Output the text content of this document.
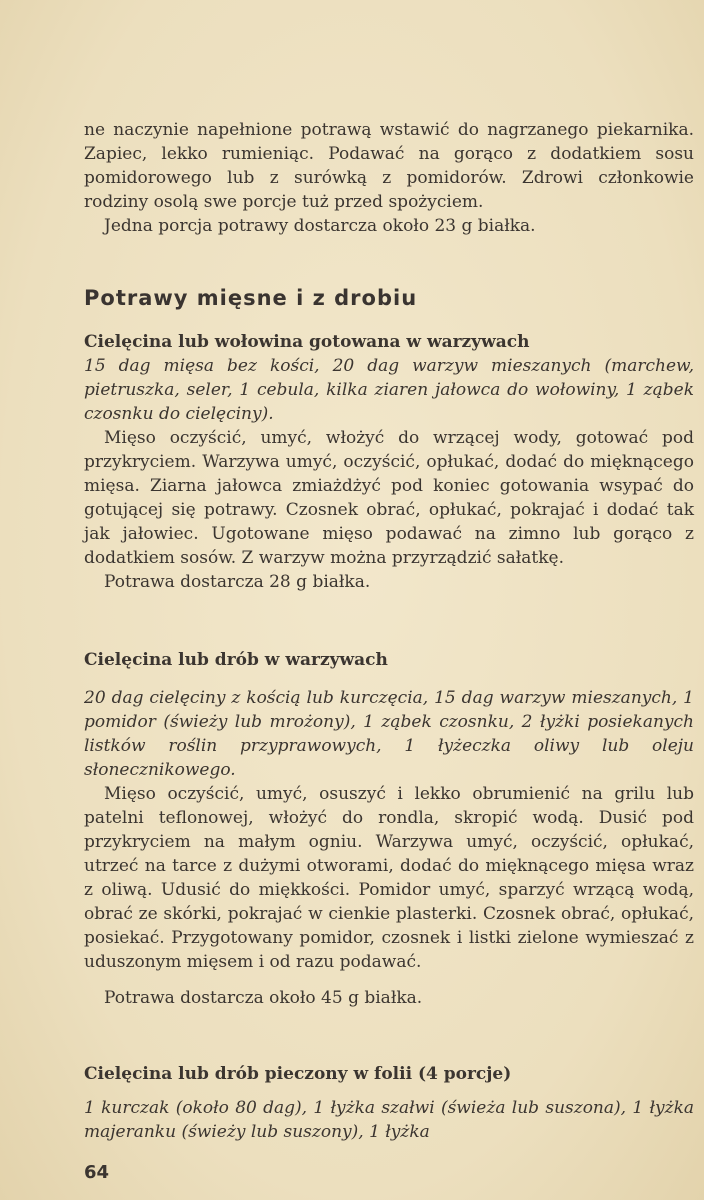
ne naczynie napełnione potrawą wstawić do nagrzanego piekarnika. Zapiec, lekko rumieniąc. Podawać na gorąco z dodatkiem sosu pomidorowego lub z surówką z pomidorów. Zdrowi członkowie rodziny osolą swe porcje tuż przed spożyciem.

Jedna porcja potrawy dostarcza około 23 g białka.

Potrawy mięsne i z drobiu

Cielęcina lub wołowina gotowana w warzywach

15 dag mięsa bez kości, 20 dag warzyw mieszanych (marchew, pietruszka, seler, 1 cebula, kilka ziaren jałowca do wołowiny, 1 ząbek czosnku do cielęciny).

Mięso oczyścić, umyć, włożyć do wrzącej wody, gotować pod przykryciem. Warzywa umyć, oczyścić, opłukać, dodać do mięknącego mięsa. Ziarna jałowca zmiażdżyć pod koniec gotowania wsypać do gotującej się potrawy. Czosnek obrać, opłukać, pokrajać i dodać tak jak jałowiec. Ugotowane mięso podawać na zimno lub gorąco z dodatkiem sosów. Z warzyw można przyrządzić sałatkę.

Potrawa dostarcza 28 g białka.

Cielęcina lub drób w warzywach

20 dag cielęciny z kością lub kurczęcia, 15 dag warzyw mieszanych, 1 pomidor (świeży lub mrożony), 1 ząbek czosnku, 2 łyżki posiekanych listków roślin przyprawowych, 1 łyżeczka oliwy lub oleju słonecznikowego.

Mięso oczyścić, umyć, osuszyć i lekko obrumienić na grilu lub patelni teflonowej, włożyć do rondla, skropić wodą. Dusić pod przykryciem na małym ogniu. Warzywa umyć, oczyścić, opłukać, utrzeć na tarce z dużymi otworami, dodać do mięknącego mięsa wraz z oliwą. Udusić do miękkości. Pomidor umyć, sparzyć wrzącą wodą, obrać ze skórki, pokrajać w cienkie plasterki. Czosnek obrać, opłukać, posiekać. Przygotowany pomidor, czosnek i listki zielone wymieszać z uduszonym mięsem i od razu podawać.

Potrawa dostarcza około 45 g białka.

Cielęcina lub drób pieczony w folii (4 porcje)

1 kurczak (około 80 dag), 1 łyżka szałwi (świeża lub suszona), 1 łyżka majeranku (świeży lub suszony), 1 łyżka

64
